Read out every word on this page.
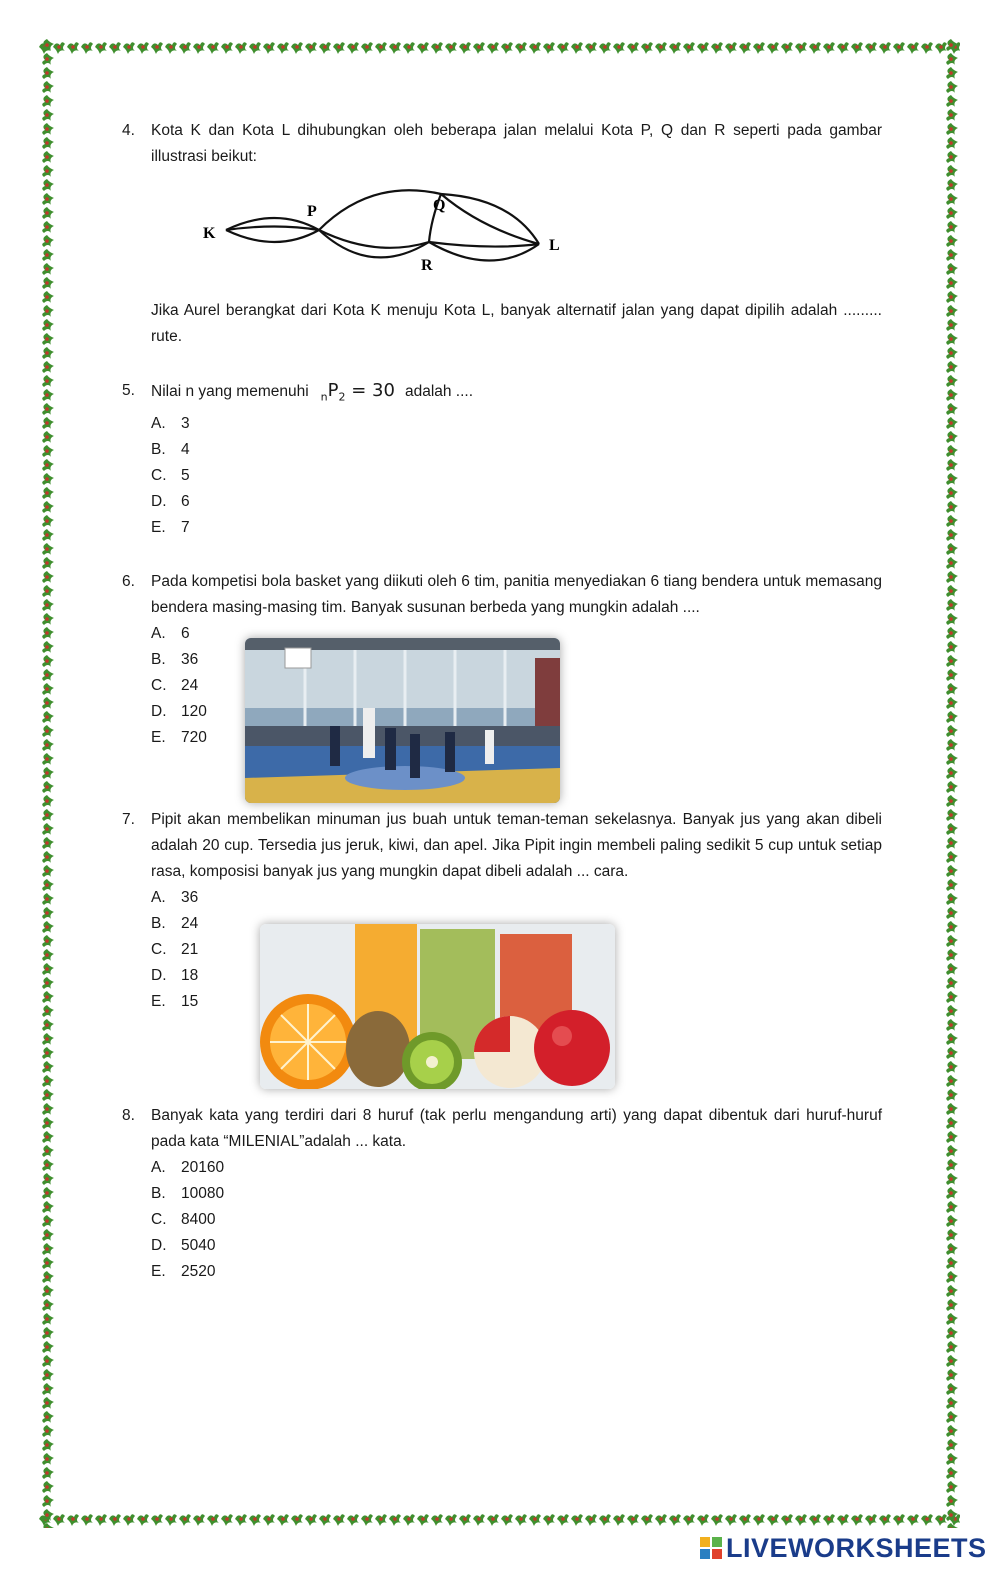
4. Kota K dan Kota L dihubungkan oleh beberapa jalan melalui Kota P, Q dan R seperti pada gambar illustrasi beikut:
K
P	Q
R
L
Jika Aurel berangkat dari Kota K menuju Kota L, banyak alternatif jalan yang dapat dipilih adalah ......... rute.
5. Nilai n yang memenuhi $_nP_2 = 30$ adalah ....
A. 3
B. 4
C. 5
D. 6
E. 7
6. Pada kompetisi bola basket yang diikuti oleh 6 tim, panitia menyediakan 6 tiang bendera untuk memasang bendera masing-masing tim. Banyak susunan berbeda yang mungkin adalah ....
A. 6
B. 36
C. 24
D. 120
E. 720
7. Pipit akan membelikan minuman jus buah untuk teman-teman sekelasnya. Banyak jus yang akan dibeli adalah 20 cup. Tersedia jus jeruk, kiwi, dan apel. Jika Pipit ingin membeli paling sedikit 5 cup untuk setiap rasa, komposisi banyak jus yang mungkin dapat dibeli adalah ... cara.
A. 36
B. 24
C. 21
D. 18
E. 15
8. Banyak kata yang terdiri dari 8 huruf (tak perlu mengandung arti) yang dapat dibentuk dari huruf-huruf pada kata “MILENIAL”adalah ... kata.
A. 20160
B. 10080
C. 8400
D. 5040
E. 2520
LIVEWORKSHEETS
